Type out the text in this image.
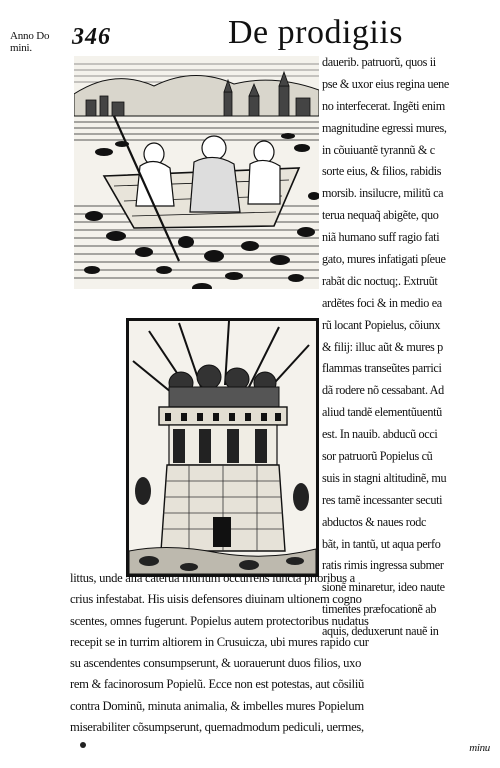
Anno Do
mini.	346	De prodigiis
dauerib. patruorũ, quos ii
pse & uxor eius regina uene
no interfecerat. Ingẽti enim
magnitudine egressi mures,
in cõuiuantẽ tyrannũ & c
sorte eius, & filios, rabidis
morsib. insilucre, militũ ca
terua nequaq̃ abigẽte, quo
niã humano suff ragio fati
gato, mures infatigati pſeue
rabãt dic noctuq;. Extruũt
ardẽtes foci & in medio ea
rũ locant Popielus, cõiunx
& filij: illuc aũt & mures p
flammas transeũtes parrici
dã rodere nõ cessabant. Ad
aliud tandẽ elementũuentũ
est. In nauib. abducũ occi
sor patruorũ Popielus cũ
suis in stagni altitudinẽ, mu
res tamẽ incessanter secuti
abductos & naues rodc
bãt, in tantũ, ut aqua perfo
ratis rimis ingressa submer
sionẽ minaretur, ideo naute
timentes præfocationẽ ab
aquis, deduxerunt nauẽ in
littus, unde alia caterua murium occurrens iuncta prioribus a
crius infestabat. His uisis defensores diuinam ultionem cogno
scentes, omnes fugerunt. Popielus autem protectoribus nudatus
recepit se in turrim altiorem in Crusuicza, ubi mures rapido cur
su ascendentes consumpserunt, & uorauerunt duos filios, uxo
rem & facinorosum Popielũ. Ecce non est potestas, aut cõsiliũ
contra Dominũ, minuta animalia, & imbelles mures Popielum
miserabiliter cõsumpserunt, quemadmodum pediculi, uermes,
minu
